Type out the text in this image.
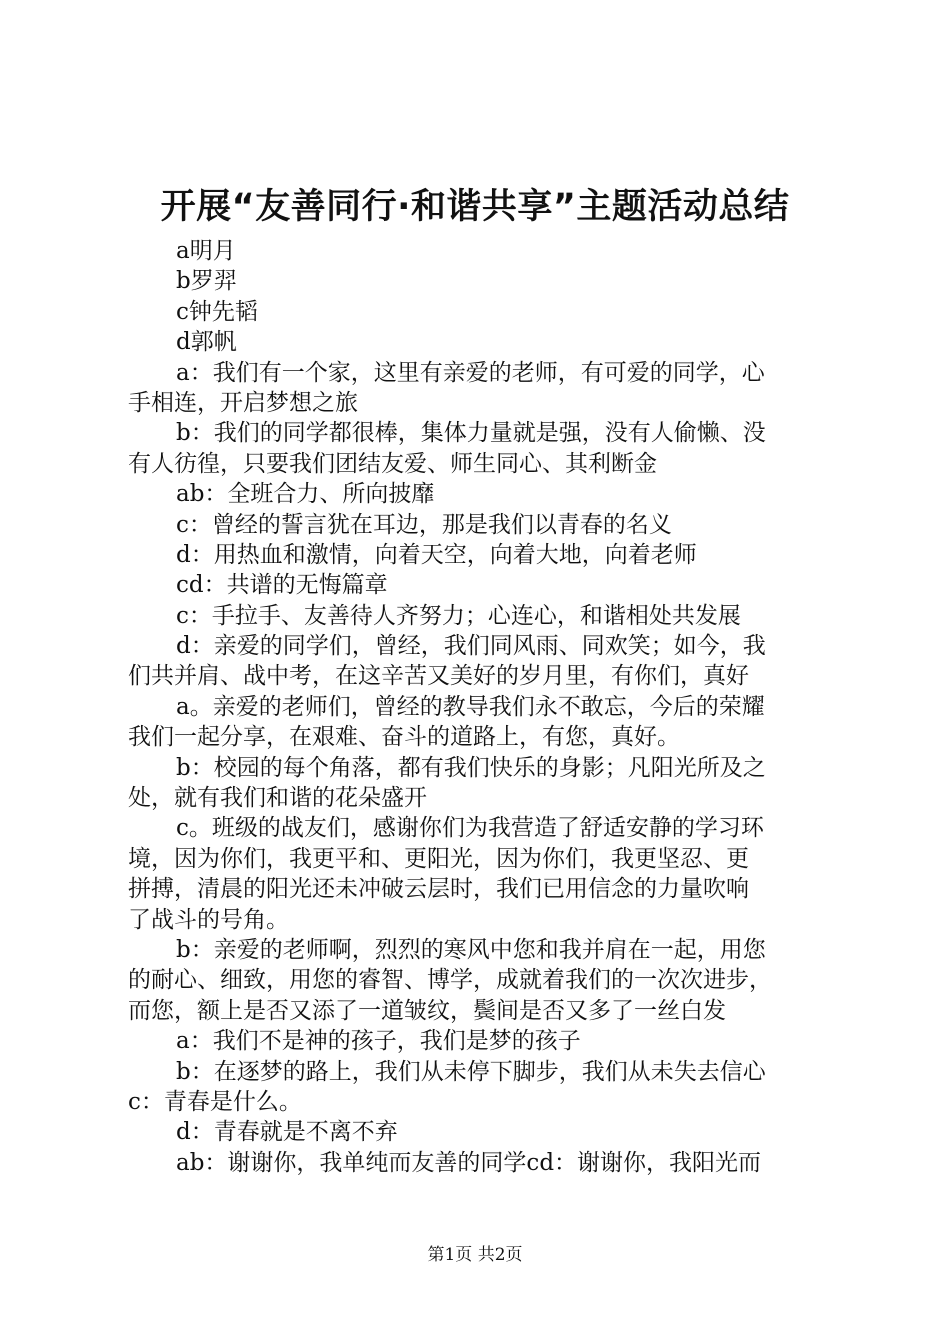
开展“友善同行·和谐共享”主题活动总结
a明月
b罗羿
c钟先韬
d郭帆
a：我们有一个家，这里有亲爱的老师，有可爱的同学，心
手相连，开启梦想之旅
b：我们的同学都很棒，集体力量就是强，没有人偷懒、没
有人彷徨，只要我们团结友爱、师生同心、其利断金
ab：全班合力、所向披靡
c：曾经的誓言犹在耳边，那是我们以青春的名义
d：用热血和激情，向着天空，向着大地，向着老师
cd：共谱的无悔篇章
c：手拉手、友善待人齐努力；心连心，和谐相处共发展
d：亲爱的同学们，曾经，我们同风雨、同欢笑；如今，我
们共并肩、战中考，在这辛苦又美好的岁月里，有你们，真好
a。亲爱的老师们，曾经的教导我们永不敢忘，今后的荣耀
我们一起分享，在艰难、奋斗的道路上，有您，真好。
b：校园的每个角落，都有我们快乐的身影；凡阳光所及之
处，就有我们和谐的花朵盛开
c。班级的战友们，感谢你们为我营造了舒适安静的学习环
境，因为你们，我更平和、更阳光，因为你们，我更坚忍、更
拼搏，清晨的阳光还未冲破云层时，我们已用信念的力量吹响
了战斗的号角。
b：亲爱的老师啊，烈烈的寒风中您和我并肩在一起，用您
的耐心、细致，用您的睿智、博学，成就着我们的一次次进步，
而您，额上是否又添了一道皱纹，鬓间是否又多了一丝白发
a：我们不是神的孩子，我们是梦的孩子
b：在逐梦的路上，我们从未停下脚步，我们从未失去信心
c：青春是什么。
d：青春就是不离不弃
ab：谢谢你，我单纯而友善的同学cd：谢谢你，我阳光而
第1页 共2页
